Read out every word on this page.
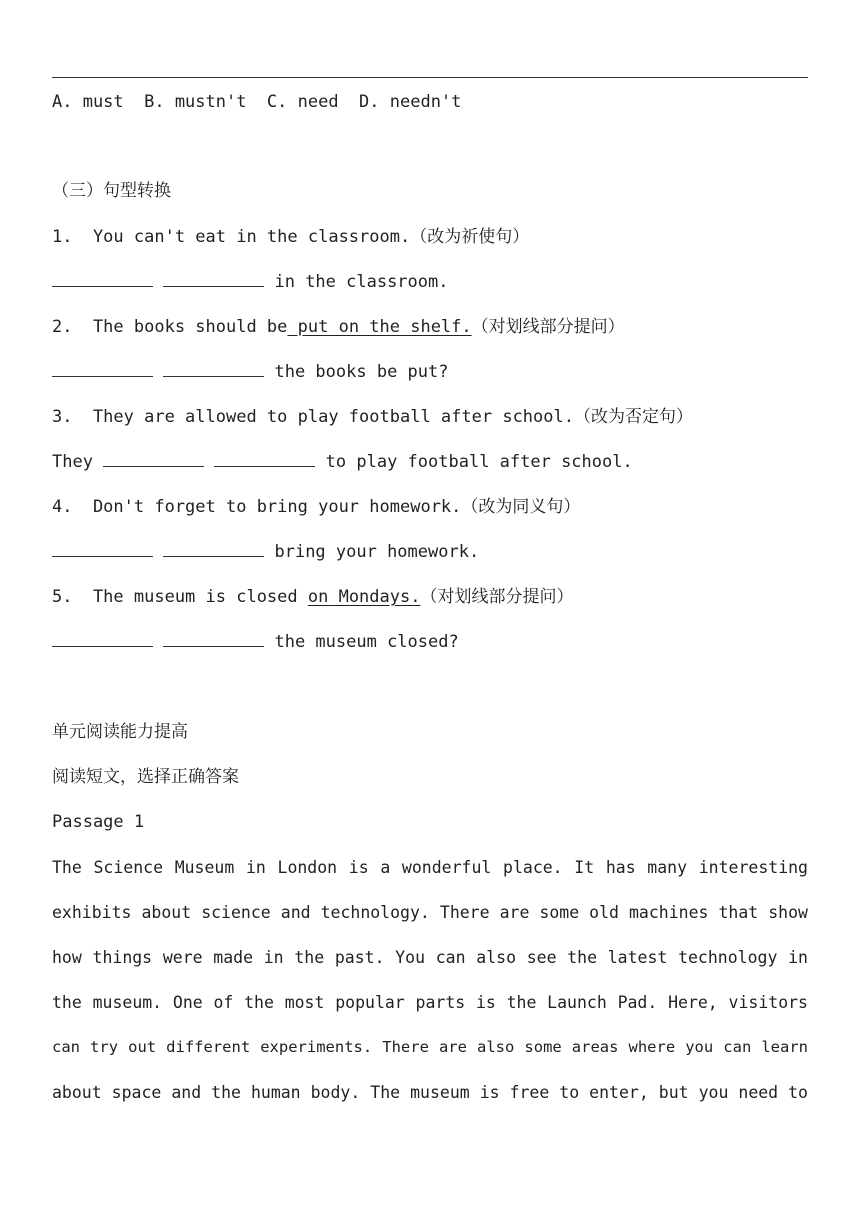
A. must  B. mustn't  C. need  D. needn't
（三）句型转换
1.  You can't eat in the classroom.（改为祈使句）
in the classroom.
2.  The books should be put on the shelf.（对划线部分提问）
the books be put?
3.  They are allowed to play football after school.（改为否定句）
They	to play football after school.
4.  Don't forget to bring your homework.（改为同义句）
bring your homework.
5.  The museum is closed on Mondays.（对划线部分提问）
the museum closed?
单元阅读能力提高
阅读短文，选择正确答案
Passage 1
The Science Museum in London is a wonderful place. It has many interesting
exhibits about science and technology. There are some old machines that show
how things were made in the past. You can also see the latest technology in
the museum. One of the most popular parts is the Launch Pad. Here, visitors
can try out different experiments. There are also some areas where you can learn
about space and the human body. The museum is free to enter, but you need to
